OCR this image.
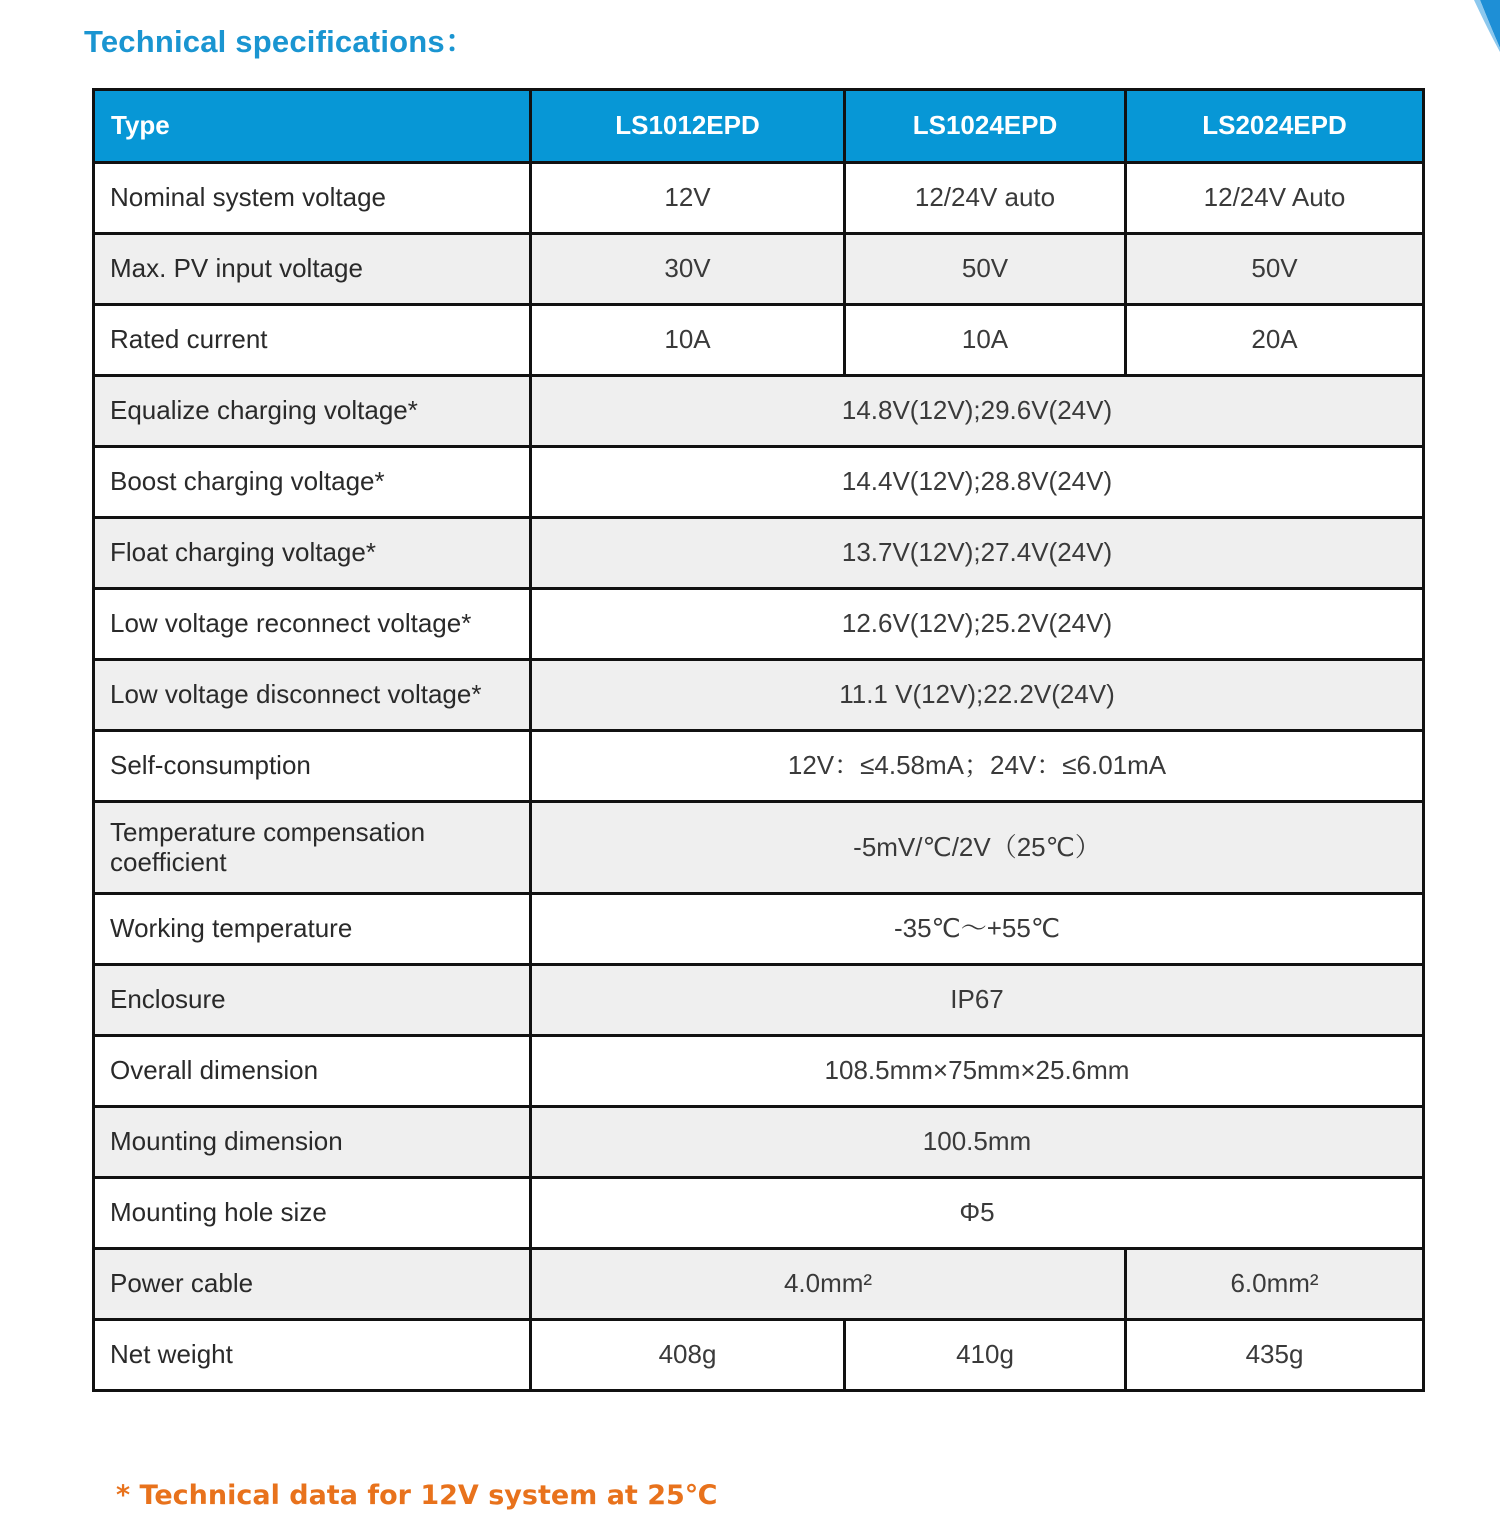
Technical specifications：
Type	LS1012EPD	LS1024EPD	LS2024EPD
Nominal system voltage	12V	12/24V auto	12/24V Auto
Max. PV input voltage	30V	50V	50V
Rated current	10A	10A	20A
Equalize charging voltage*	14.8V(12V);29.6V(24V)		
Boost charging voltage*	14.4V(12V);28.8V(24V)		
Float charging voltage*	13.7V(12V);27.4V(24V)		
Low voltage reconnect voltage*	12.6V(12V);25.2V(24V)		
Low voltage disconnect voltage*	11.1 V(12V);22.2V(24V)		
Self-consumption	12V：≤4.58mA；24V：≤6.01mA		
Temperature compensation coefficient	-5mV/℃/2V（25℃）		
Working temperature	-35℃～+55℃		
Enclosure	IP67		
Overall dimension	108.5mm×75mm×25.6mm		
Mounting dimension	100.5mm		
Mounting hole size	Φ5		
Power cable	4.0mm²		6.0mm²
Net weight	408g	410g	435g

* Technical data for 12V system at 25℃
